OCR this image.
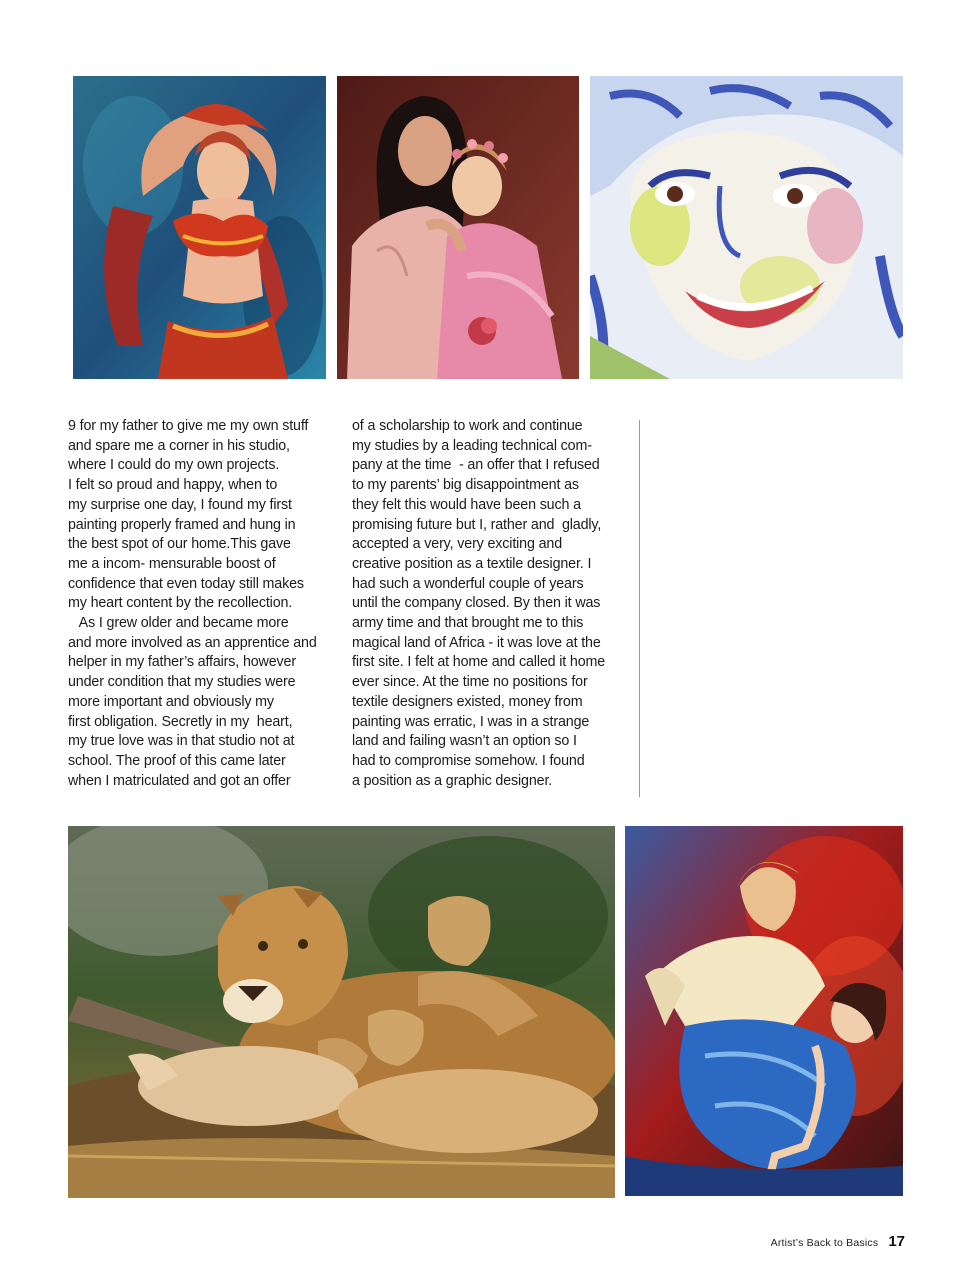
9 for my father to give me my own stuff

and spare me a corner in his studio,

where I could do my own projects.

I felt so proud and happy, when to

my surprise one day, I found my first

painting properly framed and hung in

the best spot of our home.This gave

me a incom- mensurable boost of

confidence that even today still makes

my heart content by the recollection.

As I grew older and became more

and more involved as an apprentice and

helper in my father’s affairs, however

under condition that my studies were

more important and obviously my

first obligation. Secretly in my  heart,

my true love was in that studio not at

school. The proof of this came later

when I matriculated and got an offer

of a scholarship to work and continue

my studies by a leading technical com-

pany at the time  - an offer that I refused

to my parents’ big disappointment as

they felt this would have been such a

promising future but I, rather and  gladly,

accepted a very, very exciting and

creative position as a textile designer. I

had such a wonderful couple of years

until the company closed. By then it was

army time and that brought me to this

magical land of Africa - it was love at the

first site. I felt at home and called it home

ever since. At the time no positions for

textile designers existed, money from

painting was erratic, I was in a strange

land and failing wasn’t an option so I

had to compromise somehow. I found

a position as a graphic designer.

Artist’s Back to Basics 17
